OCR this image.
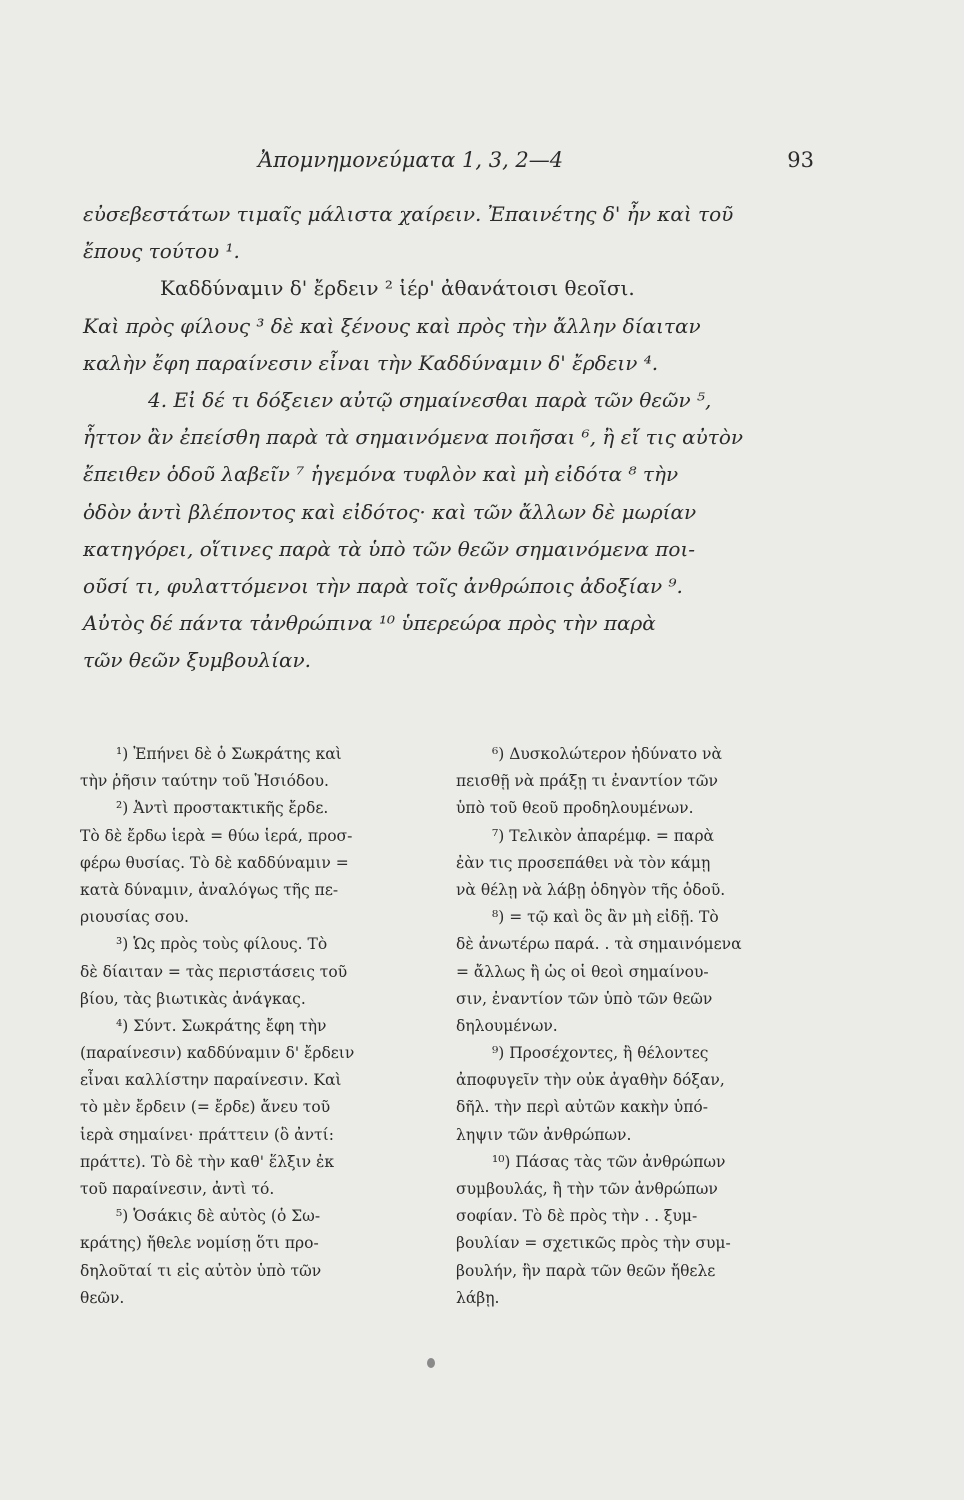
Ἀπομνημονεύματα 1, 3, 2—4	93
εὐσεβεστάτων τιμαῖς μάλιστα χαίρειν. Ἐπαινέτης δ' ἦν καὶ τοῦ
ἔπους τούτου ¹.
Καδδύναμιν δ' ἔρδειν ² ἱέρ' ἀθανάτοισι θεοῖσι.
Καὶ πρὸς φίλους ³ δὲ καὶ ξένους καὶ πρὸς τὴν ἄλλην δίαιταν
καλὴν ἔφη παραίνεσιν εἶναι τὴν Καδδύναμιν δ' ἔρδειν ⁴.
4. Εἰ δέ τι δόξειεν αὐτῷ σημαίνεσθαι παρὰ τῶν θεῶν ⁵,
ἧττον ἂν ἐπείσθη παρὰ τὰ σημαινόμενα ποιῆσαι ⁶, ἢ εἴ τις αὐτὸν
ἔπειθεν ὁδοῦ λαβεῖν ⁷ ἡγεμόνα τυφλὸν καὶ μὴ εἰδότα ⁸ τὴν
ὁδὸν ἀντὶ βλέποντος καὶ εἰδότος· καὶ τῶν ἄλλων δὲ μωρίαν
κατηγόρει, οἵτινες παρὰ τὰ ὑπὸ τῶν θεῶν σημαινόμενα ποι-
οῦσί τι, φυλαττόμενοι τὴν παρὰ τοῖς ἀνθρώποις ἀδοξίαν ⁹.
Αὐτὸς δέ πάντα τἀνθρώπινα ¹⁰ ὑπερεώρα πρὸς τὴν παρὰ
τῶν θεῶν ξυμβουλίαν.
¹) Ἐπήνει δὲ ὁ Σωκράτης καὶ
τὴν ῥῆσιν ταύτην τοῦ Ἡσιόδου.
²) Ἀντὶ προστακτικῆς ἔρδε.
Τὸ δὲ ἔρδω ἱερὰ = θύω ἱερά, προσ-
φέρω θυσίας. Τὸ δὲ καδδύναμιν =
κατὰ δύναμιν, ἀναλόγως τῆς πε-
ριουσίας σου.
³) Ὡς πρὸς τοὺς φίλους. Τὸ
δὲ δίαιταν = τὰς περιστάσεις τοῦ
βίου, τὰς βιωτικὰς ἀνάγκας.
⁴) Σύντ. Σωκράτης ἔφη τὴν
(παραίνεσιν) καδδύναμιν δ' ἔρδειν
εἶναι καλλίστην παραίνεσιν. Καὶ
τὸ μὲν ἔρδειν (= ἔρδε) ἄνευ τοῦ
ἱερὰ σημαίνει· πράττειν (ὃ ἀντί:
πράττε). Τὸ δὲ τὴν καθ' ἕλξιν ἐκ
τοῦ παραίνεσιν, ἀντὶ τό.
⁵) Ὁσάκις δὲ αὐτὸς (ὁ Σω-
κράτης) ἤθελε νομίσῃ ὅτι προ-
δηλοῦταί τι εἰς αὐτὸν ὑπὸ τῶν
θεῶν.
⁶) Δυσκολώτερον ἠδύνατο νὰ
πεισθῇ νὰ πράξῃ τι ἐναντίον τῶν
ὑπὸ τοῦ θεοῦ προδηλουμένων.
⁷) Τελικὸν ἀπαρέμφ. = παρὰ
ἐὰν τις προσεπάθει νὰ τὸν κάμῃ
νὰ θέλῃ νὰ λάβῃ ὁδηγὸν τῆς ὁδοῦ.
⁸) = τῷ καὶ ὃς ἂν μὴ εἰδῇ. Τὸ
δὲ ἀνωτέρω παρά. . τὰ σημαινόμενα
= ἄλλως ἢ ὡς οἱ θεοὶ σημαίνου-
σιν, ἐναντίον τῶν ὑπὸ τῶν θεῶν
δηλουμένων.
⁹) Προσέχοντες, ἢ θέλοντες
ἀποφυγεῖν τὴν οὐκ ἀγαθὴν δόξαν,
δῆλ. τὴν περὶ αὐτῶν κακὴν ὑπό-
ληψιν τῶν ἀνθρώπων.
¹⁰) Πάσας τὰς τῶν ἀνθρώπων
συμβουλάς, ἢ τὴν τῶν ἀνθρώπων
σοφίαν. Τὸ δὲ πρὸς τὴν . . ξυμ-
βουλίαν = σχετικῶς πρὸς τὴν συμ-
βουλήν, ἣν παρὰ τῶν θεῶν ἤθελε
λάβῃ.
